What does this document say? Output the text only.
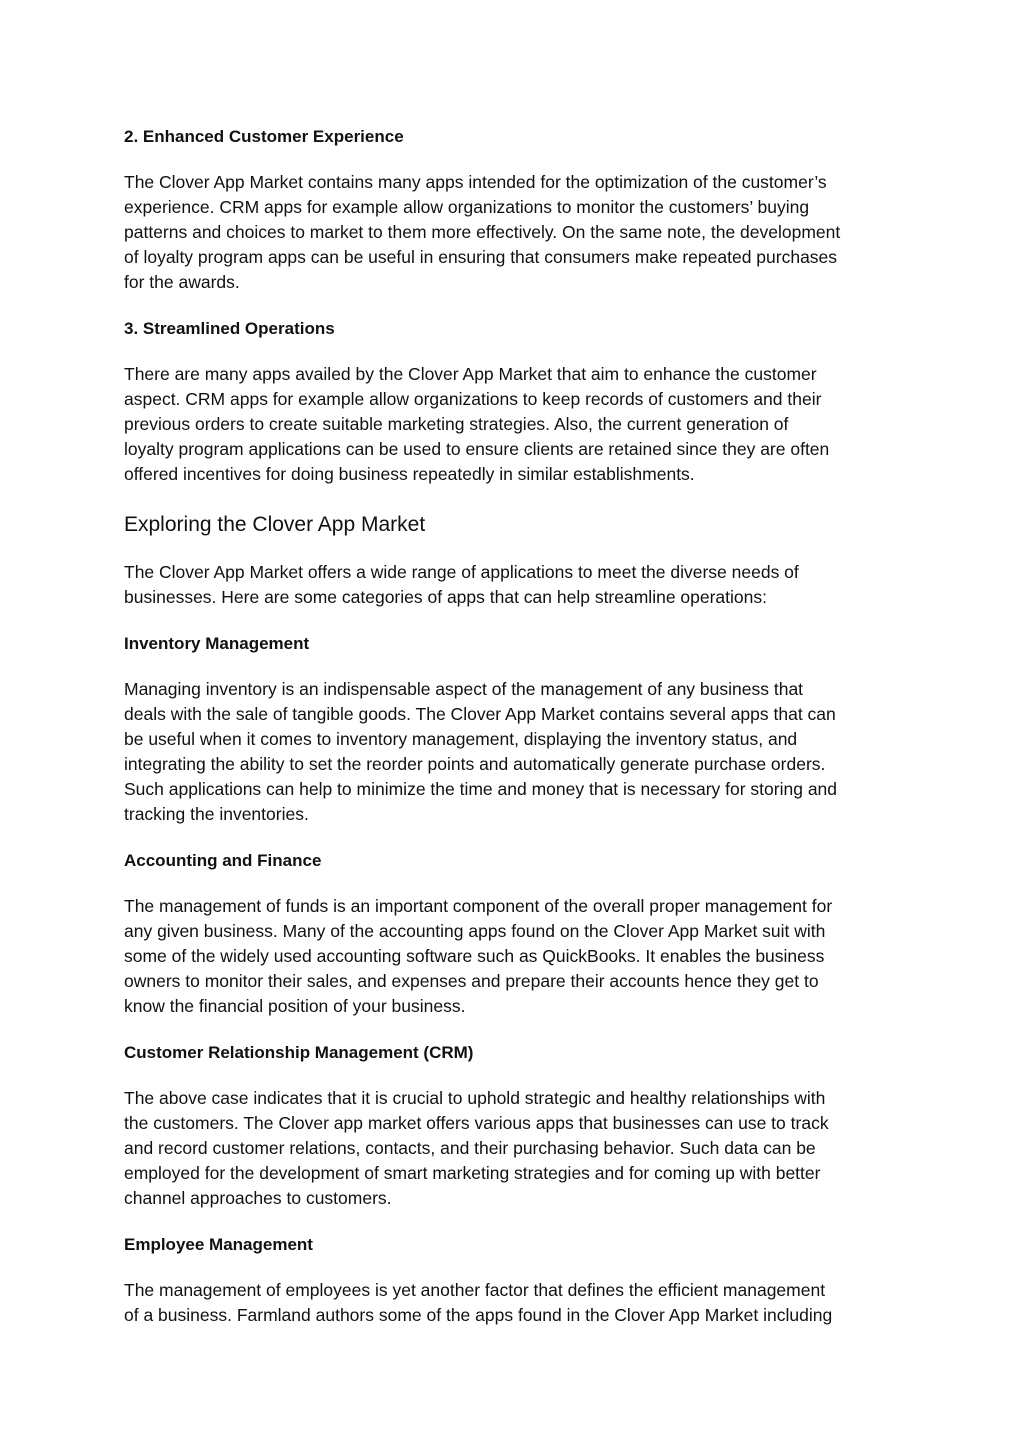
2. Enhanced Customer Experience

The Clover App Market contains many apps intended for the optimization of the customer’s
experience. CRM apps for example allow organizations to monitor the customers’ buying
patterns and choices to market to them more effectively. On the same note, the development
of loyalty program apps can be useful in ensuring that consumers make repeated purchases
for the awards.

3. Streamlined Operations

There are many apps availed by the Clover App Market that aim to enhance the customer
aspect. CRM apps for example allow organizations to keep records of customers and their
previous orders to create suitable marketing strategies. Also, the current generation of
loyalty program applications can be used to ensure clients are retained since they are often
offered incentives for doing business repeatedly in similar establishments.

Exploring the Clover App Market

The Clover App Market offers a wide range of applications to meet the diverse needs of
businesses. Here are some categories of apps that can help streamline operations:

Inventory Management

Managing inventory is an indispensable aspect of the management of any business that
deals with the sale of tangible goods. The Clover App Market contains several apps that can
be useful when it comes to inventory management, displaying the inventory status, and
integrating the ability to set the reorder points and automatically generate purchase orders.
Such applications can help to minimize the time and money that is necessary for storing and
tracking the inventories.

Accounting and Finance

The management of funds is an important component of the overall proper management for
any given business. Many of the accounting apps found on the Clover App Market suit with
some of the widely used accounting software such as QuickBooks. It enables the business
owners to monitor their sales, and expenses and prepare their accounts hence they get to
know the financial position of your business.

Customer Relationship Management (CRM)

The above case indicates that it is crucial to uphold strategic and healthy relationships with
the customers. The Clover app market offers various apps that businesses can use to track
and record customer relations, contacts, and their purchasing behavior. Such data can be
employed for the development of smart marketing strategies and for coming up with better
channel approaches to customers.

Employee Management

The management of employees is yet another factor that defines the efficient management
of a business. Farmland authors some of the apps found in the Clover App Market including
